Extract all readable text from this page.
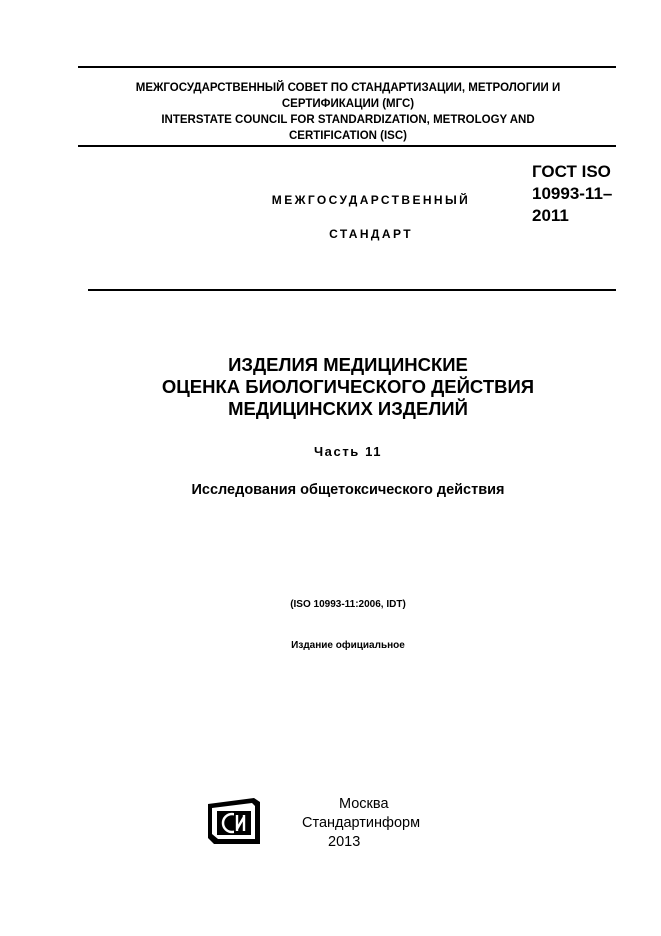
МЕЖГОСУДАРСТВЕННЫЙ СОВЕТ ПО СТАНДАРТИЗАЦИИ, МЕТРОЛОГИИ И
СЕРТИФИКАЦИИ (МГС)
INTERSTATE COUNCIL FOR STANDARDIZATION, METROLOGY AND
CERTIFICATION (ISC)
МЕЖГОСУДАРСТВЕННЫЙ
СТАНДАРТ
ГОСТ ISO
10993-11–
2011
ИЗДЕЛИЯ МЕДИЦИНСКИЕ
ОЦЕНКА БИОЛОГИЧЕСКОГО ДЕЙСТВИЯ
МЕДИЦИНСКИХ ИЗДЕЛИЙ
Часть 11
Исследования общетоксического действия
(ISO 10993-11:2006, IDT)
Издание официальное
Москва
Стандартинформ
2013
